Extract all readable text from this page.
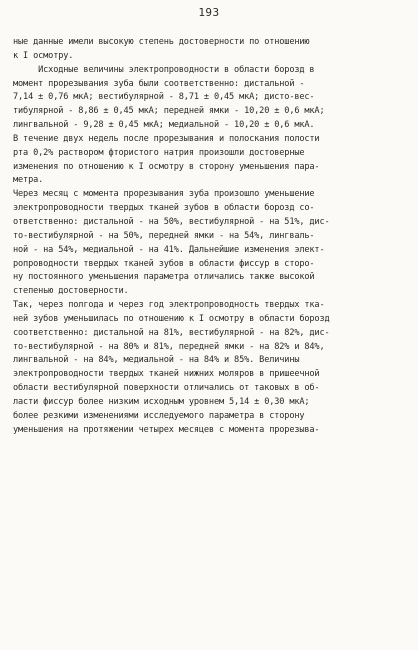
193
ные данные имели высокую степень достоверности по отношению
к I осмотру.
Исходные величины электропроводности в области борозд в
момент прорезывания зуба были соответственно: дистальной -
7,14 ± 0,76 мкА; вестибулярной - 8,71 ± 0,45 мкА; дисто-вес-
тибулярной - 8,86 ± 0,45 мкА; передней ямки - 10,20 ± 0,6 мкА;
лингвальной - 9,28 ± 0,45 мкА; медиальной - 10,20 ± 0,6 мкА.
В течение двух недель после прорезывания и полоскания полости
рта 0,2% раствором фтористого натрия произошли достоверные
изменения по отношению к I осмотру в сторону уменьшения пара-
метра.
Через месяц с момента прорезывания зуба произошло уменьшение
электропроводности твердых тканей зубов в области борозд со-
ответственно: дистальной - на 50%, вестибулярной - на 51%, дис-
то-вестибулярной - на 50%, передней ямки - на 54%, лингваль-
ной - на 54%, медиальной - на 41%. Дальнейшие изменения элект-
ропроводности твердых тканей зубов в области фиссур в сторо-
ну постоянного уменьшения параметра отличались также высокой
степенью достоверности.
Так, через полгода и через год электропроводность твердых тка-
ней зубов уменьшилась по отношению к I осмотру в области борозд
соответственно: дистальной на 81%, вестибулярной - на 82%, дис-
то-вестибулярной - на 80% и 81%, передней ямки - на 82% и 84%,
лингвальной - на 84%, медиальной - на 84% и 85%. Величины
электропроводности твердых тканей нижних моляров в пришеечной
области вестибулярной поверхности отличались от таковых в об-
ласти фиссур более низким исходным уровнем 5,14 ± 0,30 мкА;
более резкими изменениями исследуемого параметра в сторону
уменьшения на протяжении четырех месяцев с момента прорезыва-
